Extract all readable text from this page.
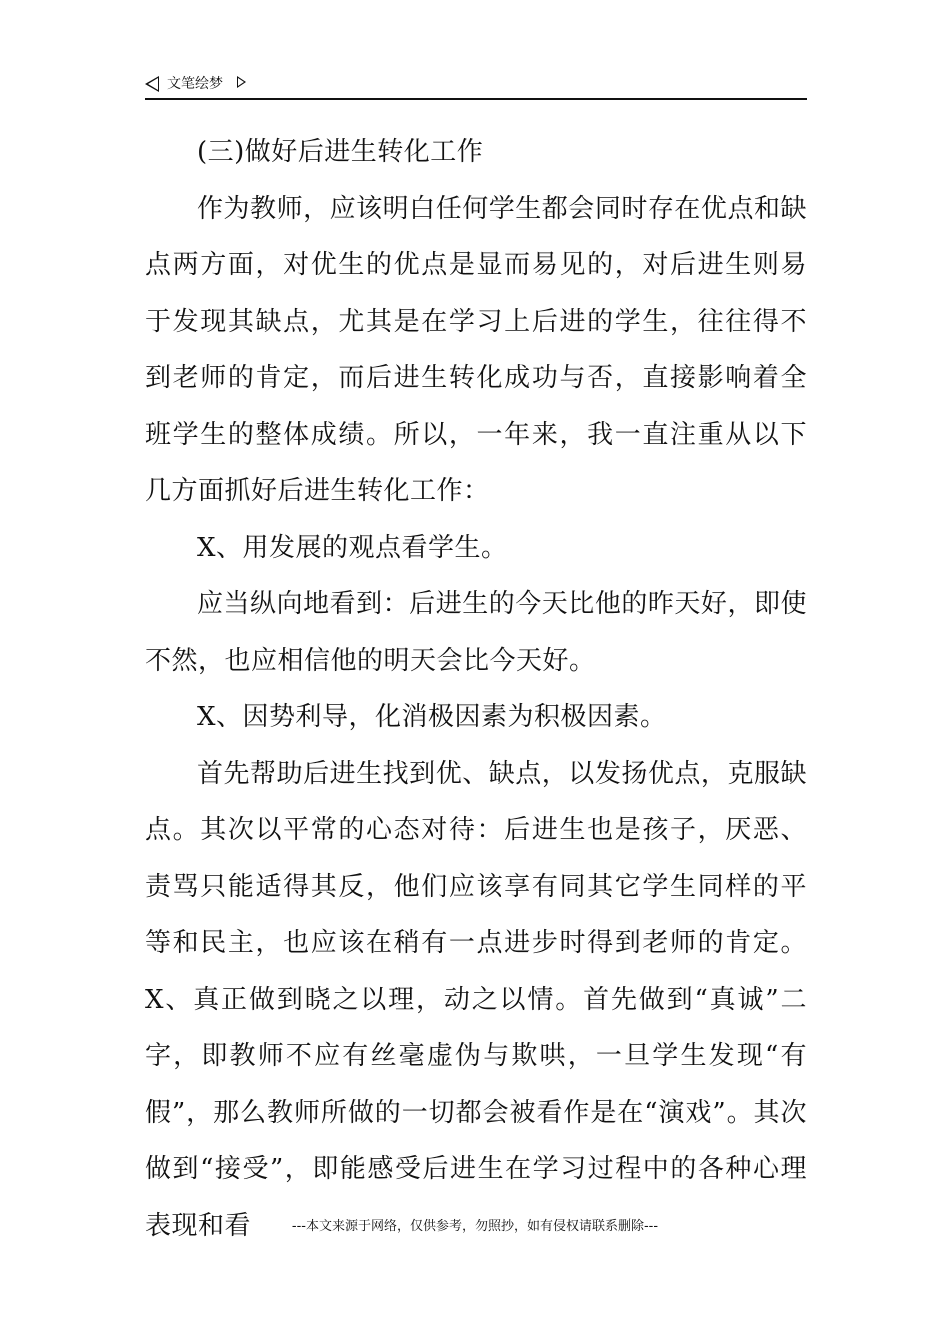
文笔绘梦

(三)做好后进生转化工作

作为教师，应该明白任何学生都会同时存在优点和缺点两方面，对优生的优点是显而易见的，对后进生则易于发现其缺点，尤其是在学习上后进的学生，往往得不到老师的肯定，而后进生转化成功与否，直接影响着全班学生的整体成绩。所以，一年来，我一直注重从以下几方面抓好后进生转化工作：

X、用发展的观点看学生。

应当纵向地看到：后进生的今天比他的昨天好，即使不然，也应相信他的明天会比今天好。

X、因势利导，化消极因素为积极因素。

首先帮助后进生找到优、缺点，以发扬优点，克服缺点。其次以平常的心态对待：后进生也是孩子，厌恶、责骂只能适得其反，他们应该享有同其它学生同样的平等和民主，也应该在稍有一点进步时得到老师的肯定。X、真正做到晓之以理，动之以情。首先做到“真诚”二字，即教师不应有丝毫虚伪与欺哄，一旦学生发现“有假”，那么教师所做的一切都会被看作是在“演戏”。其次做到“接受”，即能感受后进生在学习过程中的各种心理表现和看	---本文来源于网络，仅供参考，勿照抄，如有侵权请联系删除---
